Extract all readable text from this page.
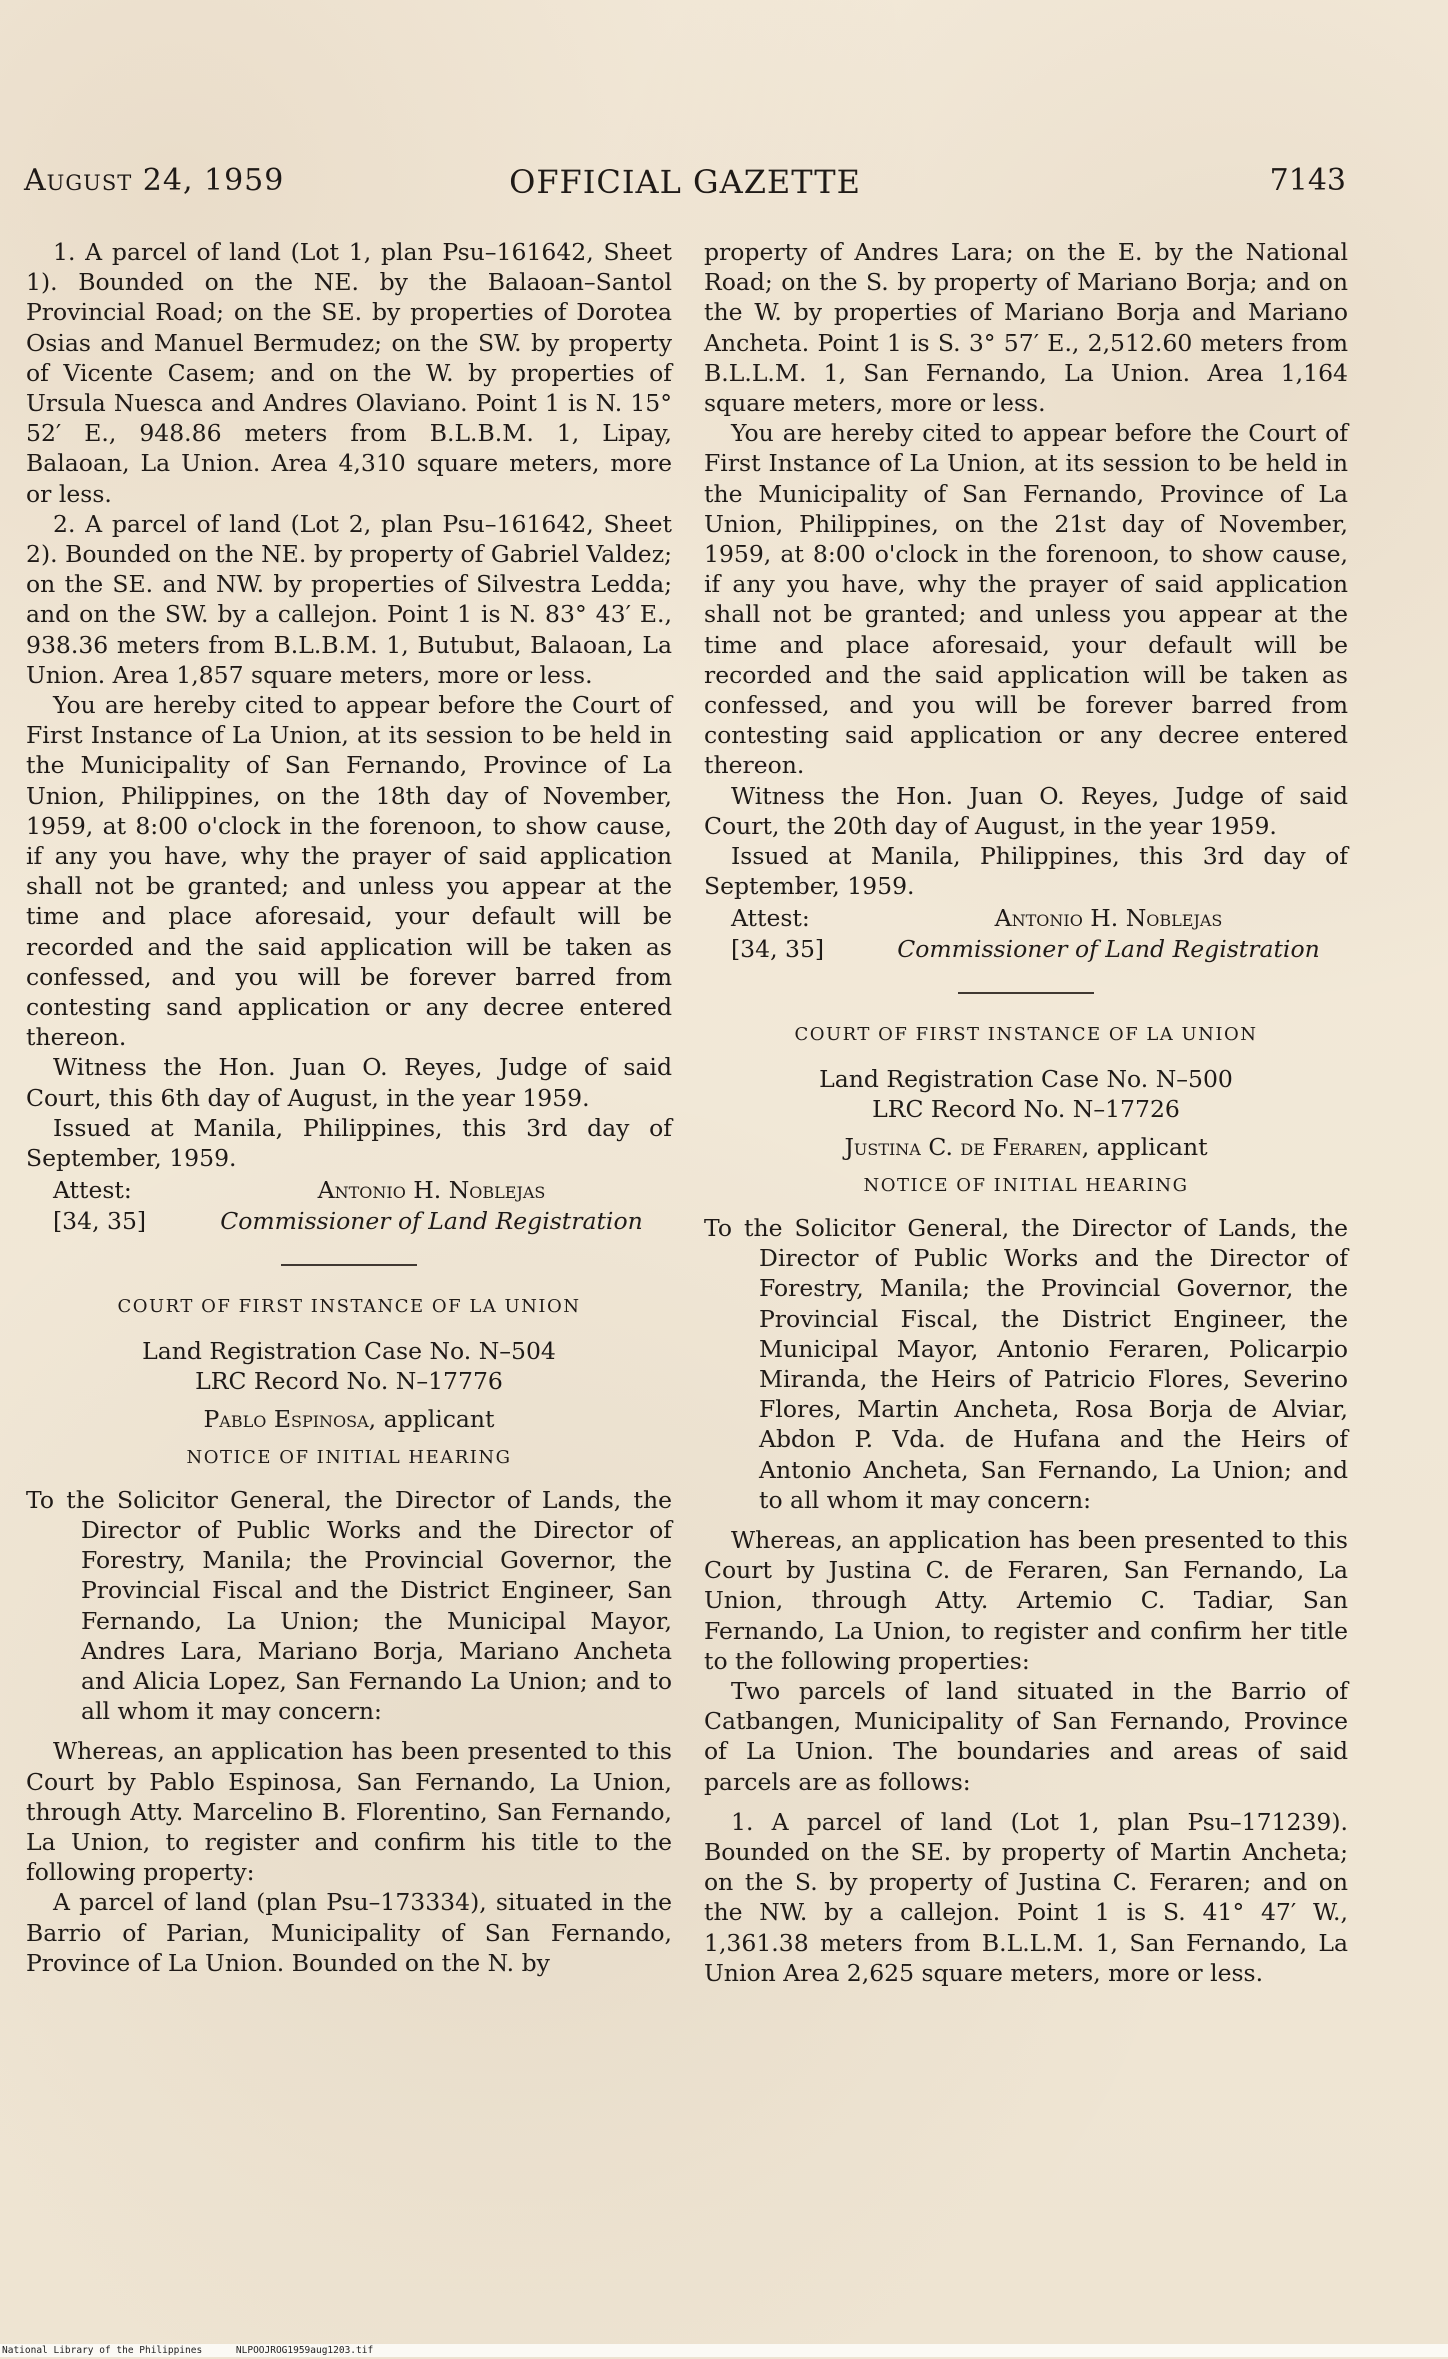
August 24, 1959	OFFICIAL GAZETTE	7143

1. A parcel of land (Lot 1, plan Psu–161642, Sheet 1). Bounded on the NE. by the Balaoan–Santol Provincial Road; on the SE. by properties of Dorotea Osias and Manuel Bermudez; on the SW. by property of Vicente Casem; and on the W. by properties of Ursula Nuesca and Andres Olaviano. Point 1 is N. 15° 52′ E., 948.86 meters from B.L.B.M. 1, Lipay, Balaoan, La Union. Area 4,310 square meters, more or less.

2. A parcel of land (Lot 2, plan Psu–161642, Sheet 2). Bounded on the NE. by property of Gabriel Valdez; on the SE. and NW. by properties of Silvestra Ledda; and on the SW. by a callejon. Point 1 is N. 83° 43′ E., 938.36 meters from B.L.B.M. 1, Butubut, Balaoan, La Union. Area 1,857 square meters, more or less.

You are hereby cited to appear before the Court of First Instance of La Union, at its session to be held in the Municipality of San Fernando, Province of La Union, Philippines, on the 18th day of November, 1959, at 8:00 o'clock in the forenoon, to show cause, if any you have, why the prayer of said application shall not be granted; and unless you appear at the time and place aforesaid, your default will be recorded and the said application will be taken as confessed, and you will be forever barred from contesting sand application or any decree entered thereon.

Witness the Hon. Juan O. Reyes, Judge of said Court, this 6th day of August, in the year 1959.

Issued at Manila, Philippines, this 3rd day of September, 1959.

Attest:	Antonio H. Noblejas
[34, 35]	Commissioner of Land Registration

COURT OF FIRST INSTANCE OF LA UNION

Land Registration Case No. N–504

LRC Record No. N–17776

Pablo Espinosa, applicant

NOTICE OF INITIAL HEARING

To the Solicitor General, the Director of Lands, the Director of Public Works and the Director of Forestry, Manila; the Provincial Governor, the Provincial Fiscal and the District Engineer, San Fernando, La Union; the Municipal Mayor, Andres Lara, Mariano Borja, Mariano Ancheta and Alicia Lopez, San Fernando La Union; and to all whom it may concern:

Whereas, an application has been presented to this Court by Pablo Espinosa, San Fernando, La Union, through Atty. Marcelino B. Florentino, San Fernando, La Union, to register and confirm his title to the following property:

A parcel of land (plan Psu–173334), situated in the Barrio of Parian, Municipality of San Fernando, Province of La Union. Bounded on the N. by

property of Andres Lara; on the E. by the National Road; on the S. by property of Mariano Borja; and on the W. by properties of Mariano Borja and Mariano Ancheta. Point 1 is S. 3° 57′ E., 2,512.60 meters from B.L.L.M. 1, San Fernando, La Union. Area 1,164 square meters, more or less.

You are hereby cited to appear before the Court of First Instance of La Union, at its session to be held in the Municipality of San Fernando, Province of La Union, Philippines, on the 21st day of November, 1959, at 8:00 o'clock in the forenoon, to show cause, if any you have, why the prayer of said application shall not be granted; and unless you appear at the time and place aforesaid, your default will be recorded and the said application will be taken as confessed, and you will be forever barred from contesting said application or any decree entered thereon.

Witness the Hon. Juan O. Reyes, Judge of said Court, the 20th day of August, in the year 1959.

Issued at Manila, Philippines, this 3rd day of September, 1959.

Attest:	Antonio H. Noblejas
[34, 35]	Commissioner of Land Registration

COURT OF FIRST INSTANCE OF LA UNION

Land Registration Case No. N–500

LRC Record No. N–17726

Justina C. de Feraren, applicant

NOTICE OF INITIAL HEARING

To the Solicitor General, the Director of Lands, the Director of Public Works and the Director of Forestry, Manila; the Provincial Governor, the Provincial Fiscal, the District Engineer, the Municipal Mayor, Antonio Feraren, Policarpio Miranda, the Heirs of Patricio Flores, Severino Flores, Martin Ancheta, Rosa Borja de Alviar, Abdon P. Vda. de Hufana and the Heirs of Antonio Ancheta, San Fernando, La Union; and to all whom it may concern:

Whereas, an application has been presented to this Court by Justina C. de Feraren, San Fernando, La Union, through Atty. Artemio C. Tadiar, San Fernando, La Union, to register and confirm her title to the following properties:

Two parcels of land situated in the Barrio of Catbangen, Municipality of San Fernando, Province of La Union. The boundaries and areas of said parcels are as follows:

1. A parcel of land (Lot 1, plan Psu–171239). Bounded on the SE. by property of Martin Ancheta; on the S. by property of Justina C. Feraren; and on the NW. by a callejon. Point 1 is S. 41° 47′ W., 1,361.38 meters from B.L.L.M. 1, San Fernando, La Union Area 2,625 square meters, more or less.

National Library of the Philippines	NLPOOJROG1959aug1203.tif
